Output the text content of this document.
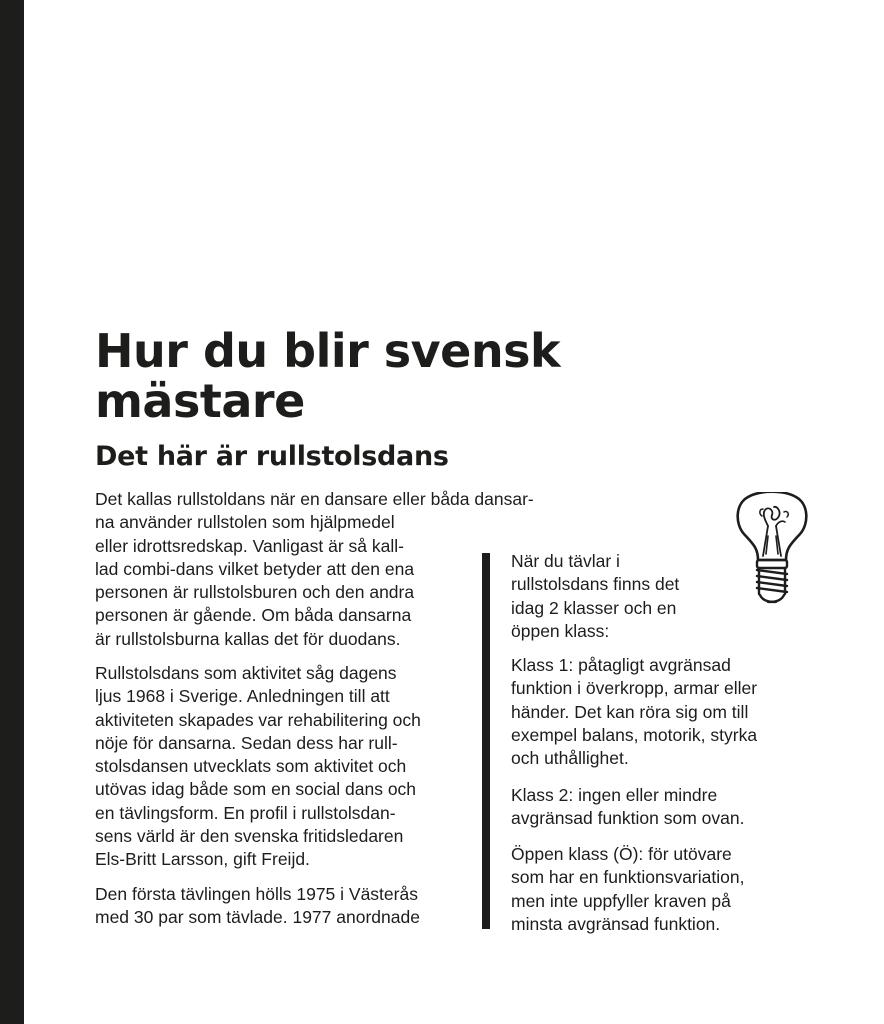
Hur du blir svensk
mästare
Det här är rullstolsdans
Det kallas rullstoldans när en dansare eller båda dansar-
na använder rullstolen som hjälpmedel
eller idrottsredskap. Vanligast är så kall-
lad combi-dans vilket betyder att den ena
personen är rullstolsburen och den andra
personen är gående. Om båda dansarna
är rullstolsburna kallas det för duodans.
Rullstolsdans som aktivitet såg dagens
ljus 1968 i Sverige. Anledningen till att
aktiviteten skapades var rehabilitering och
nöje för dansarna. Sedan dess har rull-
stolsdansen utvecklats som aktivitet och
utövas idag både som en social dans och
en tävlingsform. En profil i rullstolsdan-
sens värld är den svenska fritidsledaren
Els-Britt Larsson, gift Freijd.
Den första tävlingen hölls 1975 i Västerås
med 30 par som tävlade. 1977 anordnade
När du tävlar i
rullstolsdans finns det
idag 2 klasser och en
öppen klass:
Klass 1: påtagligt avgränsad
funktion i överkropp, armar eller
händer. Det kan röra sig om till
exempel balans, motorik, styrka
och uthållighet.
Klass 2: ingen eller mindre
avgränsad funktion som ovan.
Öppen klass (Ö): för utövare
som har en funktionsvariation,
men inte uppfyller kraven på
minsta avgränsad funktion.
